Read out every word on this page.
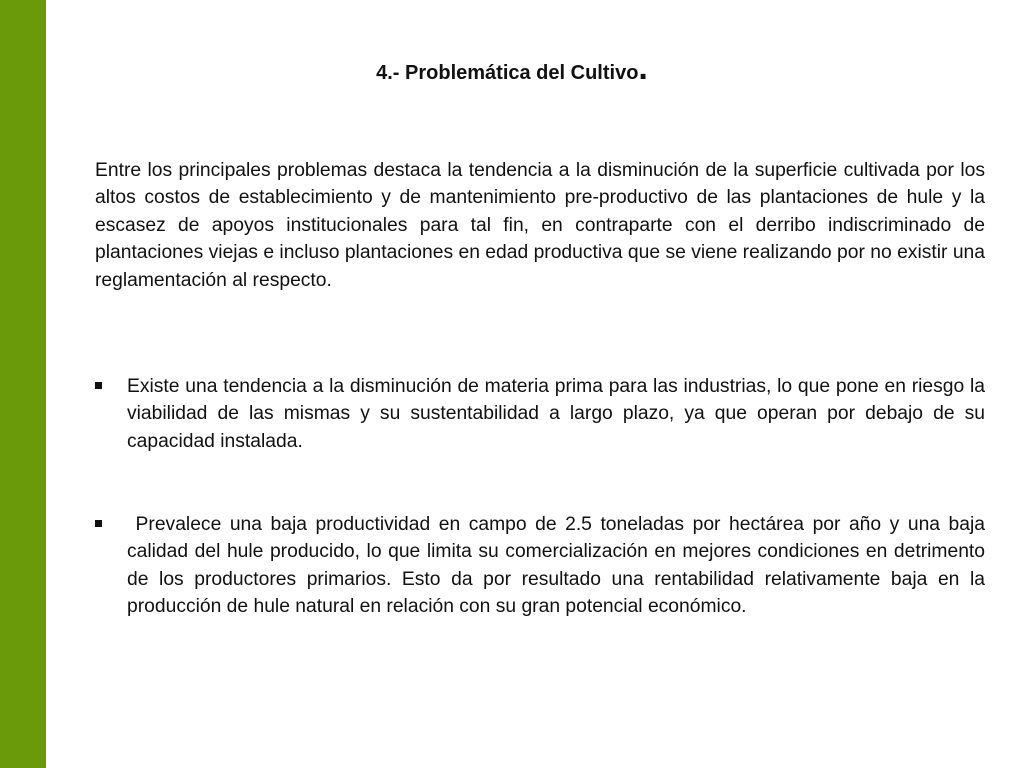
4.- Problemática del Cultivo.

Entre los principales problemas destaca la tendencia a la disminución de la superficie cultivada por los altos costos de establecimiento y de mantenimiento pre-productivo de las plantaciones de hule y la escasez de apoyos institucionales para tal fin, en contraparte con el derribo indiscriminado de plantaciones viejas e incluso plantaciones en edad productiva que se viene realizando por no existir una reglamentación al respecto.

Existe una tendencia a la disminución de materia prima para las industrias, lo que pone en riesgo la viabilidad de las mismas y su sustentabilidad a largo plazo, ya que operan por debajo de su capacidad instalada.

Prevalece una baja productividad en campo de 2.5 toneladas por hectárea por año y una baja calidad del hule producido, lo que limita su comercialización en mejores condiciones en detrimento de los productores primarios. Esto da por resultado una rentabilidad relativamente baja en la producción de hule natural en relación con su gran potencial económico.
